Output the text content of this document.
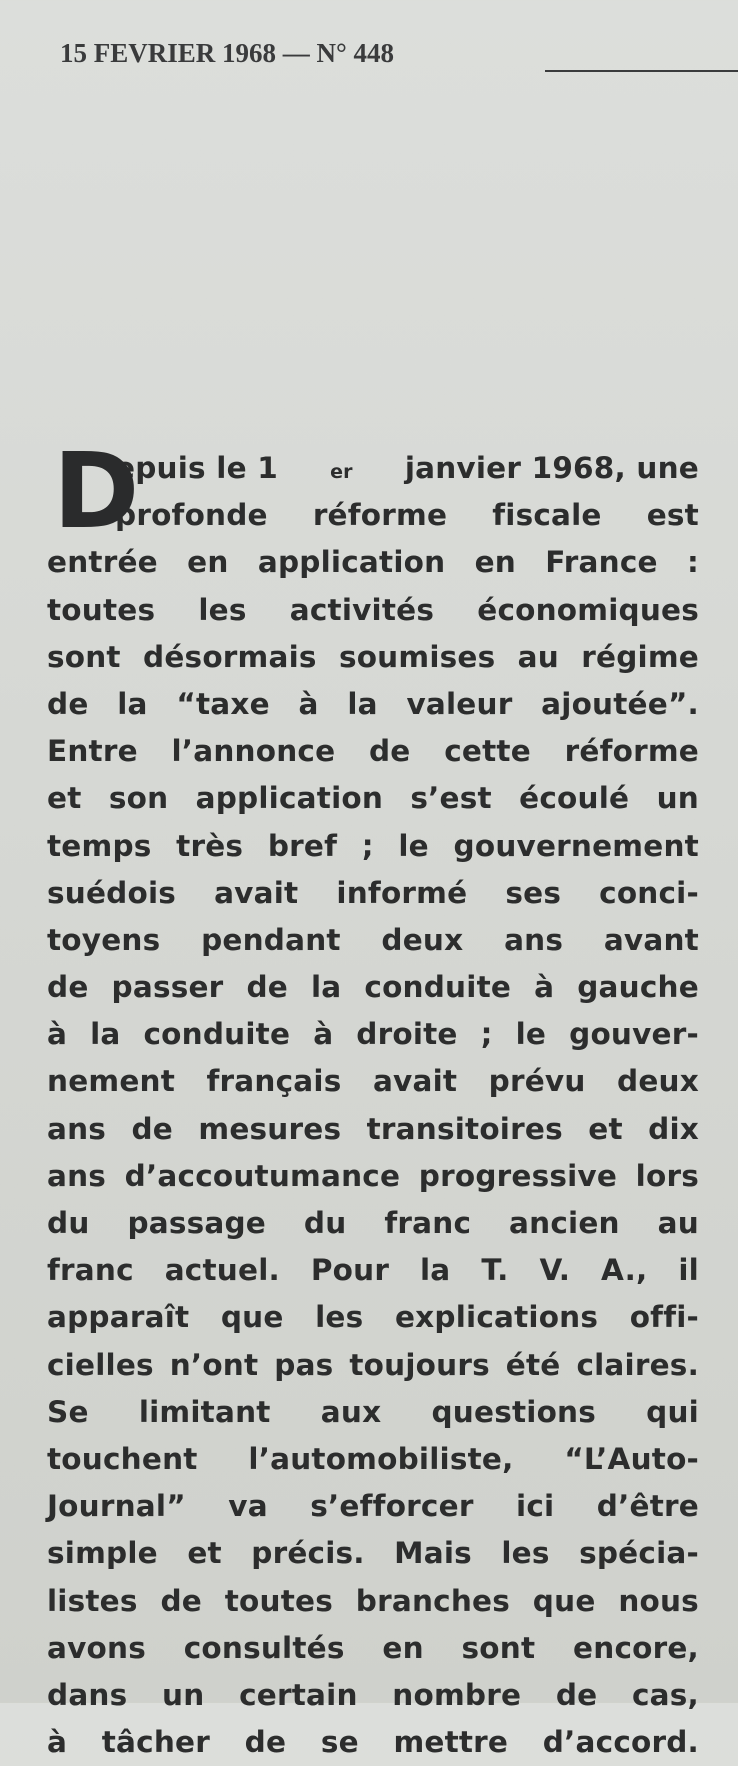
15 FEVRIER 1968 — N° 448
D
epuis le 1	er janvier 1968, une
profonde réforme fiscale est
entrée en application en France :
toutes les activités économiques
sont désormais soumises au régime
de la “taxe à la valeur ajoutée”.
Entre l’annonce de cette réforme
et son application s’est écoulé un
temps très bref ; le gouvernement
suédois avait informé ses conci-
toyens pendant deux ans avant
de passer de la conduite à gauche
à la conduite à droite ; le gouver-
nement français avait prévu deux
ans de mesures transitoires et dix
ans d’accoutumance progressive lors
du passage du franc ancien au
franc actuel. Pour la T. V. A., il
apparaît que les explications offi-
cielles n’ont pas toujours été claires.
Se limitant aux questions qui
touchent l’automobiliste, “L’Auto-
Journal” va s’efforcer ici d’être
simple et précis. Mais les spécia-
listes de toutes branches que nous
avons consultés en sont encore,
dans un certain nombre de cas,
à tâcher de se mettre d’accord.
